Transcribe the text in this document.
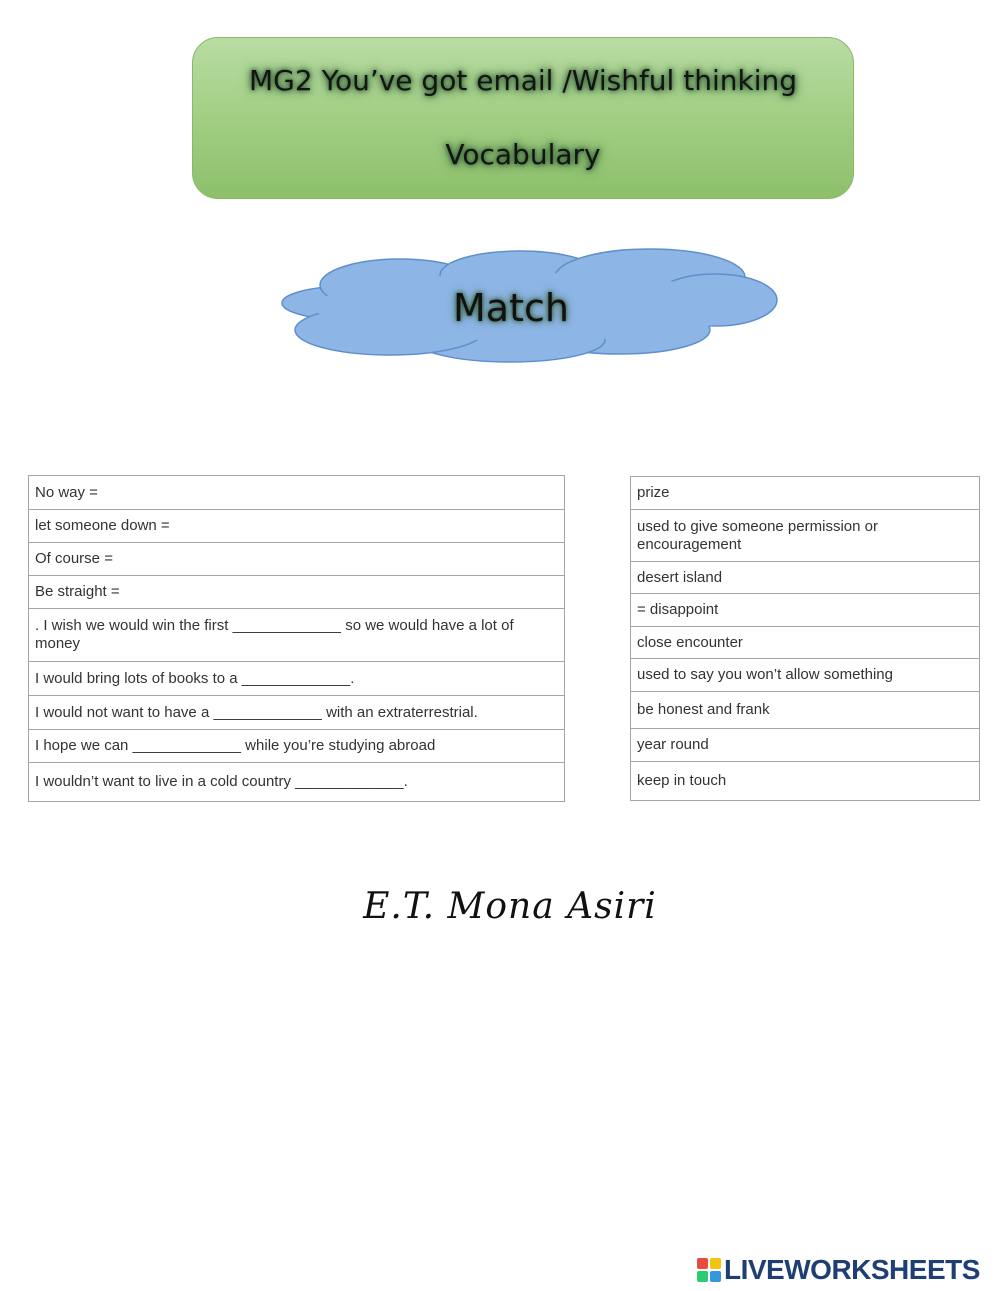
MG2 You’ve got email /Wishful thinking
Vocabulary
Match
No way =
let someone down =
Of course =
Be straight =
. I wish we would win the first _____________ so we would have a lot of money
I would bring lots of books to a _____________.
I would not want to have a _____________ with an extraterrestrial.
I hope we can _____________ while you’re studying abroad
I wouldn’t want to live in a cold country _____________.
prize
used to give someone permission or encouragement
desert island
= disappoint
close encounter
used to say you won’t allow something
be honest and frank
year round
keep in touch
E.T. Mona Asiri
LIVEWORKSHEETS
